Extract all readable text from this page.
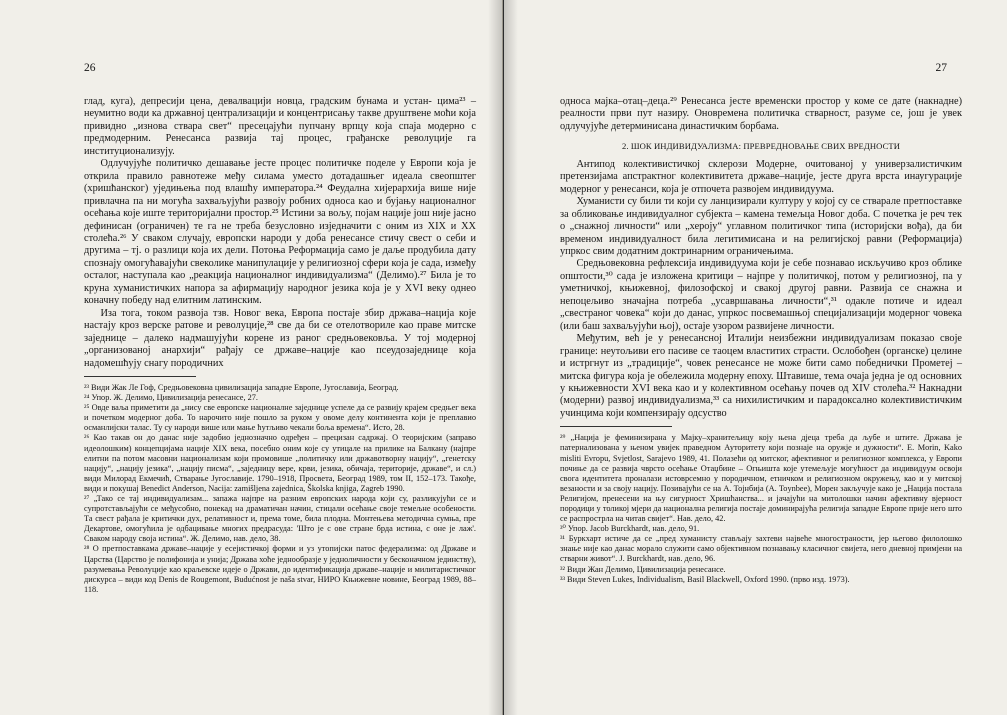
26

глад, куга), депресији цена, девалвацији новца, градским бунама и устан- цима²³ – неумитно води ка државној централизацији и концентрисању такве друштвене моћи која привидно „изнова ствара свет“ пресецајући пупчану врпцу која спаја модерно с предмодерним. Ренесанса развија тај процес, грађанске револуције га институционализују.

Одлучујуће политичко дешавање јесте процес политичке поделе у Европи која је открила правило равнотеже међу силама уместо дотадашњег идеала свеопштег (хришћанског) уједињења под влашћу императора.²⁴ Феудална хијерархија више није привлачна па ни могућа захваљујући развоју робних односа као и бујању националног осећања које иште територијални простор.²⁵ Истини за вољу, појам нације још није јасно дефинисан (ограничен) те га не треба безусловно изједначити с оним из XIX и XX столећа.²⁶ У сваком случају, европски народи у доба ренесансе стичу свест о себи и другима – тј. о разлици која их дели. Потоња Реформација само је даље продубила дату спознају омогућавајући свеколике манипулације у религиозној сфери која је сада, између осталог, наступала као „реакција националног индивидуализма“ (Делимо).²⁷ Била је то круна хуманистичких напора за афирмацију народног језика која је у XVI веку однео коначну победу над елитним латинским.

Иза тога, током развоја тзв. Новог века, Европа постаје збир држава–нација које настају кроз верске ратове и револуције,²⁸ све да би се отелотвориле као праве митске заједнице – далеко надмашујући корене из раног средњовековља. У тој модерној „организованој анархији“ рађају се државе–нације као псеудозаједнице која надомешћују снагу породичних

²³ Види Жак Ле Гоф, Средњовековна цивилизација западне Европе, Југославија, Београд.

²⁴ Упор. Ж. Делимо, Цивилизација ренесансе, 27.

²⁵ Овде ваља приметити да „нису све европске националне заједнице успеле да се развију крајем средњег века и почетком модерног доба. То нарочито није пошло за руком у овоме делу континента који је преплавио османлијски талас. Ту су народи више или мање ћутљиво чекали боља времена“. Исто, 28.

²⁶ Као такав он до данас није задобио једнозначно одређен – прецизан садржај. О теоријским (заправо идеолошким) концепцијама нације XIX века, посебно оним које су утицале на прилике на Балкану (најпре елитни па потом масовни национализам који промовише „политичку или државотворну нацију“, „генетску нацију“, „нацију језика“, „нацију писма“, „заједницу вере, крви, језика, обичаја, територије, државе“, и сл.) види Милорад Екмечић, Стварање Југославије. 1790–1918, Просвета, Београд 1989, том II, 152–173. Такође, види и покушај Benedict Anderson, Nacija: zamišljena zajednica, Školska knjiga, Zagreb 1990.

²⁷ „Тако се тај индивидуализам... запажа најпре на разним европских народа који су, разликујући се и супротстављајући се међусобно, понекад на драматичан начин, стицали осећање своје темељне особености. Та свест рађала је критички дух, релативност и, према томе, била плодна. Монтењева методична сумња, пре Декартове, омогућила је одбацивање многих предрасуда: 'Што је с ове стране брда истина, с оне је лаж'. Сваком народу своја истина“. Ж. Делимо, нав. дело, 38.

²⁸ О претпоставкама државе–нације у есејистичкој форми и уз утопијски патос федерализма: од Државе и Царства (Царство је полифонија и унија; Држава хоће једнообразје у једноличности у бесконачном јединству), разумевања Револуције као краљевске идеје о Држави, до идентификација државе–нације и милитаристичког дискурса – види код Denis de Rougemont, Budućnost je naša stvar, НИРО Књижевне новине, Београд 1989, 88–118.

27

односа мајка–отац–деца.²⁹ Ренесанса јесте временски простор у коме се дате (накнадне) реалности први пут назиру. Оновремена политичка стварност, разуме се, још је увек одлучујуће детерминисана династичким борбама.

2. ШОК ИНДИВИДУАЛИЗМА: ПРЕВРЕДНОВАЊЕ СВИХ ВРЕДНОСТИ

Антипод колективистичкој склерози Модерне, очитованој у универзалистичким претензијама апстрактног колективитета државе–нације, јесте друга врста инаугурације модерног у ренесанси, која је отпочета развојем индивидуума.

Хуманисти су били ти који су ланцизирали културу у којој су се стварале претпоставке за обликовање индивидуалног субјекта – камена темељца Новог доба. С почетка је реч тек о „снажној личности“ или „хероју“ углавном политичког типа (историјски вођа), да би временом индивидуалност била легитимисана и на религијској равни (Реформација) упркос свим додатним доктринарним ограничењима.

Средњовековна рефлексија индивидуума који је себе познавао искључиво кроз облике општости,³⁰ сада је изложена критици – најпре у политичкој, потом у религиозној, па у уметничкој, књижевној, филозофској и свакој другој равни. Развија се снажна и непоцељиво значајна потреба „усавршавања личности“,³¹ одакле потиче и идеал „свестраног човека“ који до данас, упркос посвемашњој специјализацији модерног човека (или баш захваљујући њој), остаје узором развијене личности.

Међутим, већ је у ренесансној Италији неизбежни индивидуализам показао своје границе: неутољиви его пасиве се таоцем властитих страсти. Ослобођен (органске) целине и истргнут из „традиције“, човек ренесансе не може бити само победнички Прометеј – митска фигура која је обележила модерну епоху. Штавише, тема очаја једна је од основних у књижевности XVI века као и у колективном осећању почев од XIV столећа.³² Накнадни (модерни) развој индивидуализма,³³ са нихилистичким и парадоксално колективистичким учинцима који компензирају одсуство

²⁹ „Нација је феминизирана у Мајку–хранитељицу коју њена дјеца треба да љубе и штите. Држава је патернализована у њеном увијек праведном Ауторитету који познаје на оружје и дужности“. E. Morin, Kako misliti Evropu, Svjetlost, Sarajevo 1989, 41. Полазећи од митског, афективног и религиозног комплекса, у Европи почиње да се развија чврсто осећање Отаџбине – Огњишта које утемељује могућност да индивидуум освоји свога идентитета проналази истоврсемно у породичном, етничком и религиозном окружењу, као и у митској везаности и за своју нацију. Позивајући се на А. Тојнбија (A. Toynbee), Морен закључује како је „Нација постала Религијом, пренесени на њу сигурност Хришћанства... и јачајући на митолошки начин афективну вјерност породици у толикој мјери да национална религија постаје доминирајућа религија западне Европе прије него што се распрострла на читав свијет“. Нав. дело, 42.

³⁰ Упор. Jacob Burckhardt, нав. дело, 91.

³¹ Буркхарт истиче да се „пред хуманисту стављају захтеви највеће многостраности, јер његово филолошко знање није као данас морало служити само објективном познавању класичног свијета, него дневној примјени на стварни живот“. J. Burckhardt, нав. дело, 96.

³² Види Жан Делимо, Цивилизација ренесансе.

³³ Види Steven Lukes, Individualism, Basil Blackwell, Oxford 1990. (прво изд. 1973).
